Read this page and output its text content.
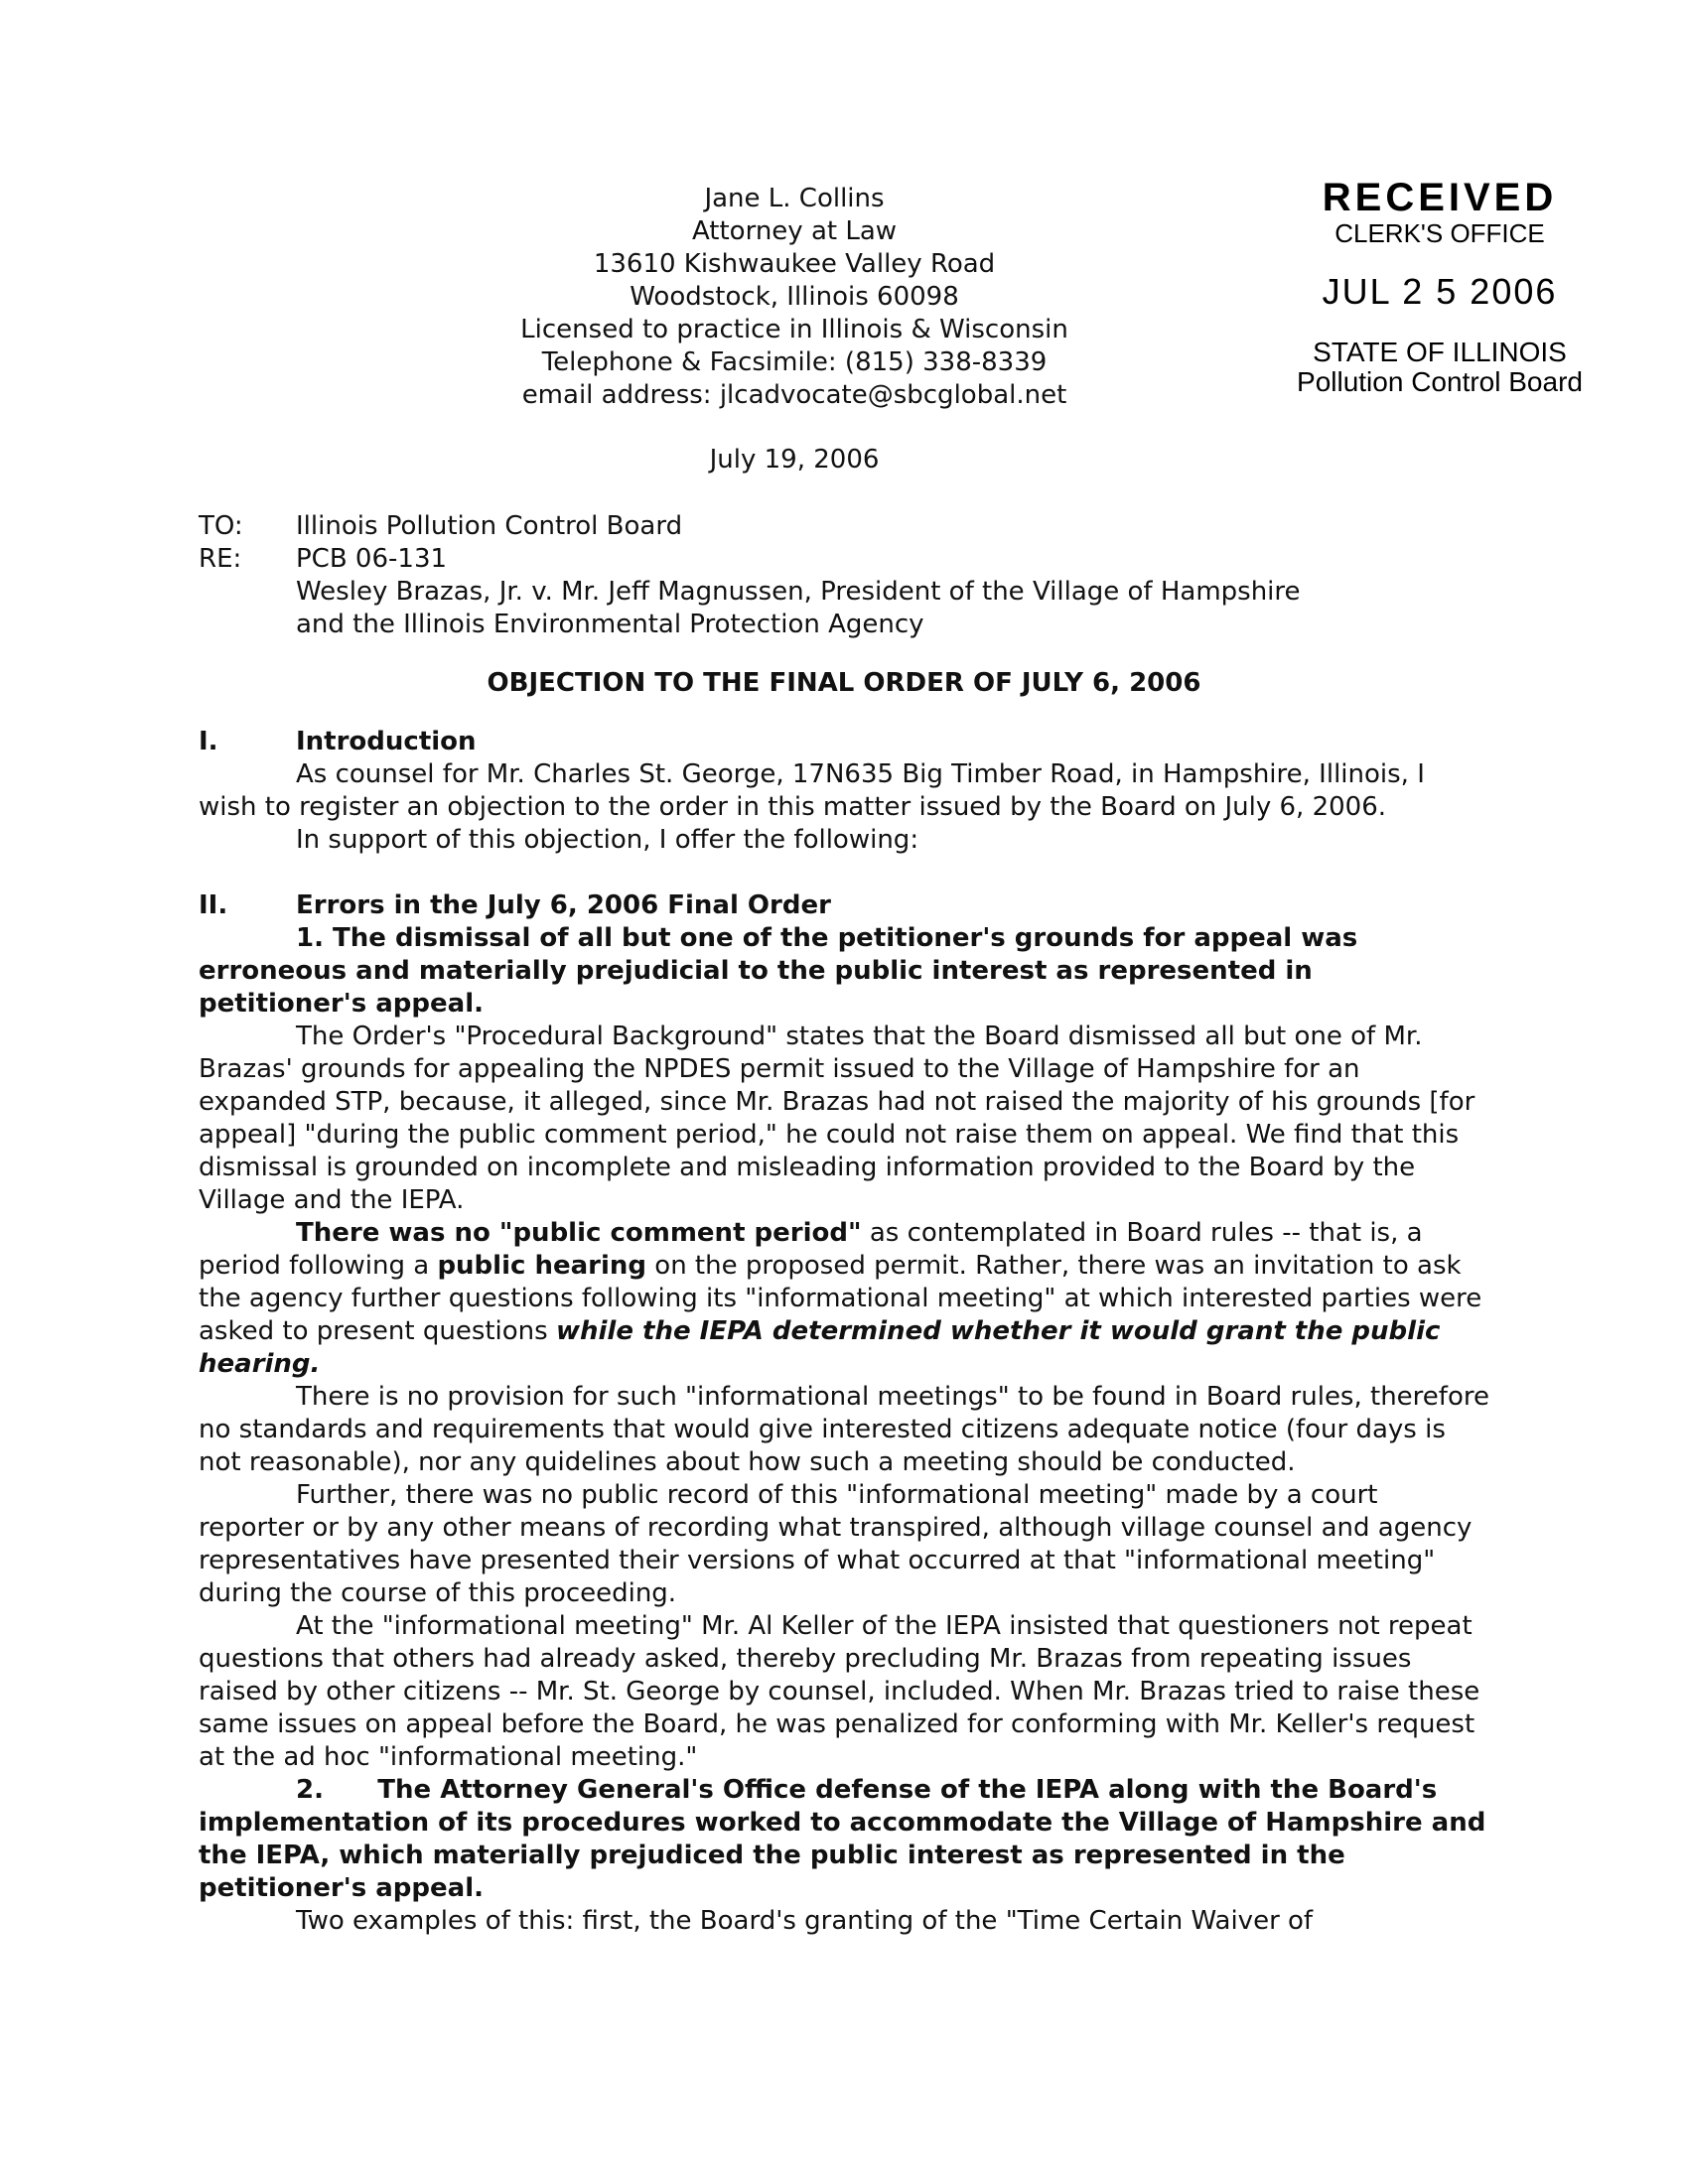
Jane L. Collins
Attorney at Law
13610 Kishwaukee Valley Road
Woodstock, Illinois 60098
Licensed to practice in Illinois & Wisconsin
Telephone & Facsimile: (815) 338-8339
email address: jlcadvocate@sbcglobal.net
RECEIVED
CLERK'S OFFICE
JUL 2 5 2006
STATE OF ILLINOIS
Pollution Control Board
July 19, 2006
TO:	Illinois Pollution Control Board
RE:	PCB 06-131
Wesley Brazas, Jr. v. Mr. Jeff Magnussen, President of the Village of Hampshire
and the Illinois Environmental Protection Agency
OBJECTION TO THE FINAL ORDER OF JULY 6, 2006
I.	Introduction

As counsel for Mr. Charles St. George, 17N635 Big Timber Road, in Hampshire, Illinois, I wish to register an objection to the order in this matter issued by the Board on July 6, 2006.

In support of this objection, I offer the following:

II.	Errors in the July 6, 2006 Final Order

1. The dismissal of all but one of the petitioner's grounds for appeal was erroneous and materially prejudicial to the public interest as represented in petitioner's appeal.

The Order's "Procedural Background" states that the Board dismissed all but one of Mr. Brazas' grounds for appealing the NPDES permit issued to the Village of Hampshire for an expanded STP, because, it alleged, since Mr. Brazas had not raised the majority of his grounds [for appeal] "during the public comment period," he could not raise them on appeal. We find that this dismissal is grounded on incomplete and misleading information provided to the Board by the Village and the IEPA.

There was no "public comment period" as contemplated in Board rules -- that is, a period following a public hearing on the proposed permit. Rather, there was an invitation to ask the agency further questions following its "informational meeting" at which interested parties were asked to present questions while the IEPA determined whether it would grant the public hearing.

There is no provision for such "informational meetings" to be found in Board rules, therefore no standards and requirements that would give interested citizens adequate notice (four days is not reasonable), nor any quidelines about how such a meeting should be conducted.

Further, there was no public record of this "informational meeting" made by a court reporter or by any other means of recording what transpired, although village counsel and agency representatives have presented their versions of what occurred at that "informational meeting" during the course of this proceeding.

At the "informational meeting" Mr. Al Keller of the IEPA insisted that questioners not repeat questions that others had already asked, thereby precluding Mr. Brazas from repeating issues raised by other citizens -- Mr. St. George by counsel, included. When Mr. Brazas tried to raise these same issues on appeal before the Board, he was penalized for conforming with Mr. Keller's request at the ad hoc "informational meeting."

2. The Attorney General's Office defense of the IEPA along with the Board's implementation of its procedures worked to accommodate the Village of Hampshire and the IEPA, which materially prejudiced the public interest as represented in the petitioner's appeal.

Two examples of this: first, the Board's granting of the "Time Certain Waiver of
